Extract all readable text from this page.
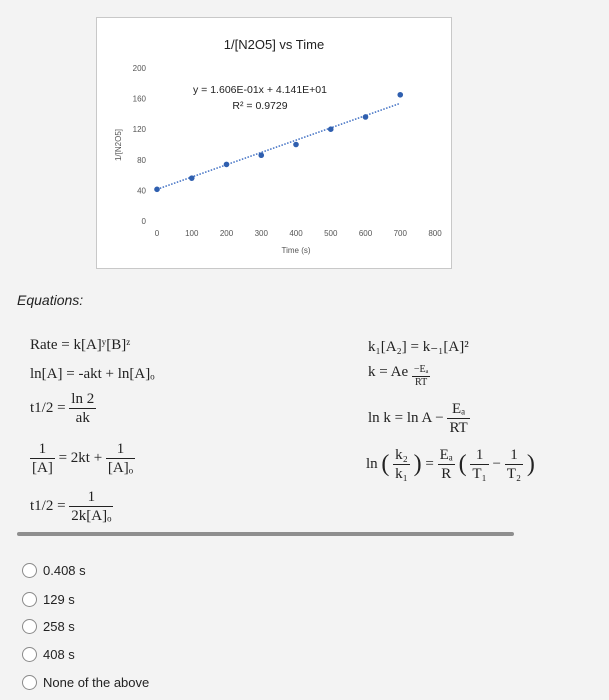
1/[N2O5] vs Time
0
40
80
120
160
200
0	100	200	300	400	500	600	700	800
Time (s)
1/[N2O5]
y = 1.606E-01x + 4.141E+01
R² = 0.9729
Equations:
Rate = k[A]ʸ[B]ᶻ
ln[A] = -akt + ln[A]ₒ
$t1/2 = \frac{\ln 2}{ak}$
$\frac{1}{[A]} = 2kt + \frac{1}{\text{[A]ₒ}}$
$t1/2 = \frac{1}{\text{2k[A]ₒ}}$
k₁[A₂] = k₋₁[A]²
k = Ae $\frac{\text{−Eₐ}}{RT}$
$\ln k = \ln A - \frac{\text{Eₐ}}{RT}$
ln ( $\frac{\text{k₂}}{\text{k₁}}$ ) = $\frac{\text{Eₐ}}{R}$ ( $\frac{1}{\text{T₁}} - \frac{1}{\text{T₂}}$ )
0.408 s
129 s
258 s
408 s
None of the above
